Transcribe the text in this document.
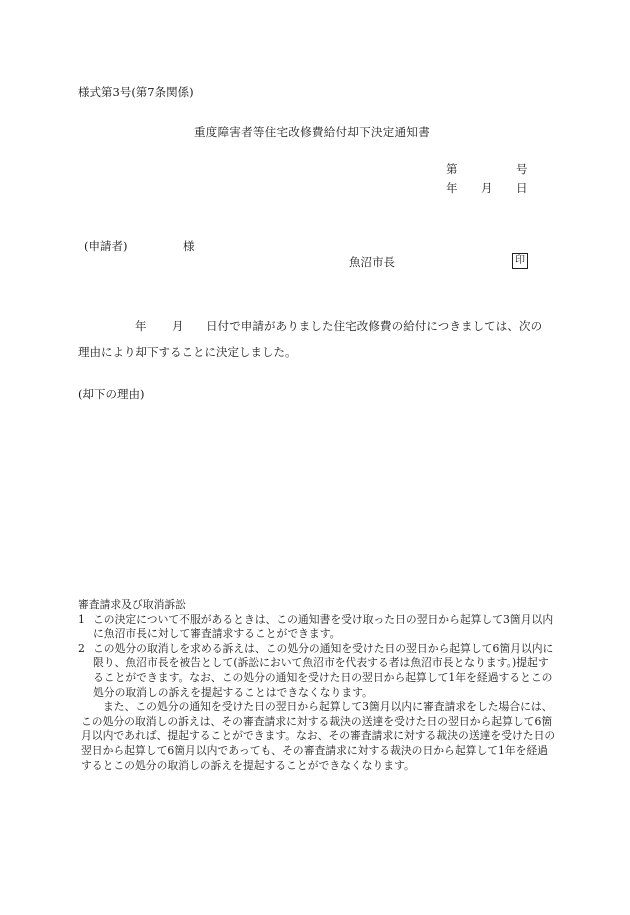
様式第3号(第7条関係)
重度障害者等住宅改修費給付却下決定通知書
第	号
年 月 日
(申請者)	様
魚沼市長	印
年 月 日付で申請がありました住宅改修費の給付につきましては、次の
理由により却下することに決定しました。
(却下の理由)
審査請求及び取消訴訟
1 この決定について不服があるときは、この通知書を受け取った日の翌日から起算して3箇月以内に魚沼市長に対して審査請求することができます。
2 この処分の取消しを求める訴えは、この処分の通知を受けた日の翌日から起算して6箇月以内に限り、魚沼市長を被告として(訴訟において魚沼市を代表する者は魚沼市長となります。)提起することができます。なお、この処分の通知を受けた日の翌日から起算して1年を経過するとこの処分の取消しの訴えを提起することはできなくなります。
また、この処分の通知を受けた日の翌日から起算して3箇月以内に審査請求をした場合には、この処分の取消しの訴えは、その審査請求に対する裁決の送達を受けた日の翌日から起算して6箇月以内であれば、提起することができます。なお、その審査請求に対する裁決の送達を受けた日の翌日から起算して6箇月以内であっても、その審査請求に対する裁決の日から起算して1年を経過するとこの処分の取消しの訴えを提起することができなくなります。
